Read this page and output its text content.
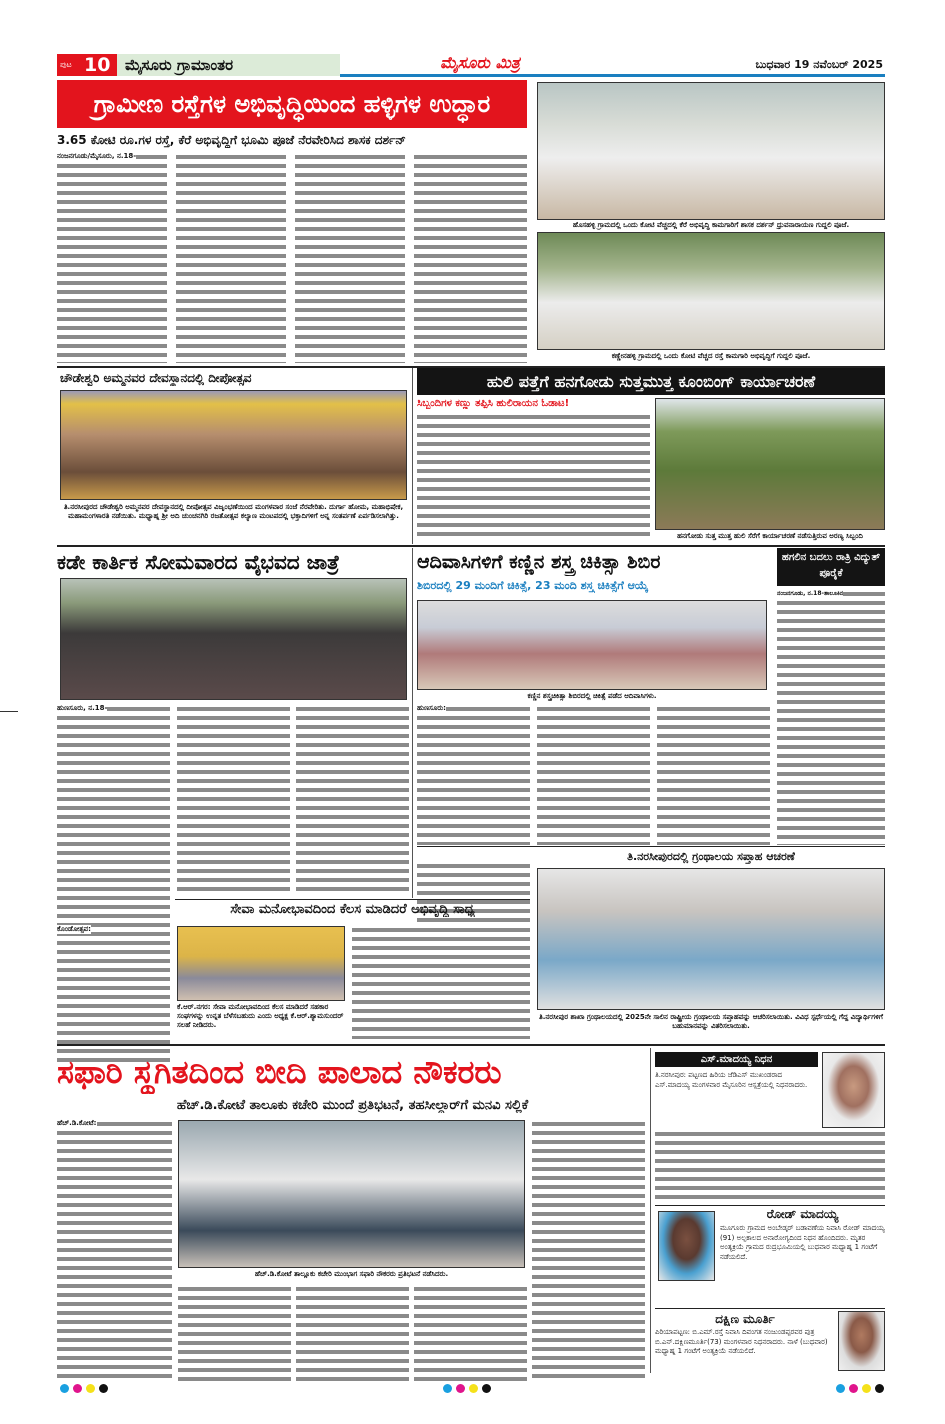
ಪುಟ 10 ಮೈಸೂರು ಗ್ರಾಮಾಂತರ	ಮೈಸೂರು ಮಿತ್ರ	ಬುಧವಾರ 19 ನವೆಂಬರ್ 2025
ಗ್ರಾಮೀಣ ರಸ್ತೆಗಳ ಅಭಿವೃದ್ಧಿಯಿಂದ ಹಳ್ಳಿಗಳ ಉದ್ಧಾರ
3.65 ಕೋಟಿ ರೂ.ಗಳ ರಸ್ತೆ, ಕೆರೆ ಅಭಿವೃದ್ಧಿಗೆ ಭೂಮಿ ಪೂಜೆ ನೆರವೇರಿಸಿದ ಶಾಸಕ ದರ್ಶನ್
ನಂಜನಗೂಡು/ಮೈಸೂರು, ನ.18-
ಹೊಸಹಳ್ಳಿ ಗ್ರಾಮದಲ್ಲಿ ಒಂದು ಕೋಟಿ ವೆಚ್ಚದಲ್ಲಿ ಕೆರೆ ಅಭಿವೃದ್ಧಿ ಕಾಮಗಾರಿಗೆ ಶಾಸಕ ದರ್ಶನ್ ಧ್ರುವನಾರಾಯಣ ಗುದ್ದಲಿ ಪೂಜೆ.
ಕಣ್ಣೇನಹಳ್ಳಿ ಗ್ರಾಮದಲ್ಲಿ ಒಂದು ಕೋಟಿ ವೆಚ್ಚದ ರಸ್ತೆ ಕಾಮಗಾರಿ ಅಭಿವೃದ್ಧಿಗೆ ಗುದ್ದಲಿ ಪೂಜೆ.
ಚೌಡೇಶ್ವರಿ ಅಮ್ಮನವರ ದೇವಸ್ಥಾನದಲ್ಲಿ ದೀಪೋತ್ಸವ
ತಿ.ನರಸೀಪುರದ ಚೌಡೇಶ್ವರಿ ಅಮ್ಮನವರ ದೇವಸ್ಥಾನದಲ್ಲಿ ದೀಪೋತ್ಸವ ವಿಜೃಂಭಣೆಯಿಂದ ಮಂಗಳವಾರ ಸಂಜೆ ನೆರವೇರಿತು. ದುರ್ಗಾ ಹೋಮ, ಮಹಾಭಿಷೇಕ, ಮಹಾಮಂಗಳಾರತಿ ನಡೆಯಿತು. ಮಧ್ಯಾಹ್ನ ಶ್ರೀ ಅದಿ ಚುಂಚನಗಿರಿ ರಜತೋತ್ಸವ ಕಲ್ಯಾಣ ಮಂಟಪದಲ್ಲಿ ಭಕ್ತಾದಿಗಳಿಗೆ ಅನ್ನ ಸಂತರ್ಪಣೆ ಏರ್ಪಡಿಸಲಾಗಿತ್ತು.
ಹುಲಿ ಪತ್ತೆಗೆ ಹನಗೋಡು ಸುತ್ತಮುತ್ತ ಕೂಂಬಿಂಗ್ ಕಾರ್ಯಾಚರಣೆ
ಸಿಬ್ಬಂದಿಗಳ ಕಣ್ಣು ತಪ್ಪಿಸಿ ಹುಲಿರಾಯನ ಓಡಾಟ!
ಹನಗೋಡು ಸುತ್ತ ಮುತ್ತ ಹುಲಿ ಸೆರೆಗೆ ಕಾರ್ಯಾಚರಣೆ ನಡೆಸುತ್ತಿರುವ ಅರಣ್ಯ ಸಿಬ್ಬಂದಿ
ಕಡೇ ಕಾರ್ತಿಕ ಸೋಮವಾರದ ವೈಭವದ ಜಾತ್ರೆ
ಹುಣಸೂರು, ನ.18-
ಕೊಂಡೋತ್ಸವ:
ಆದಿವಾಸಿಗಳಿಗೆ ಕಣ್ಣಿನ ಶಸ್ತ್ರ ಚಿಕಿತ್ಸಾ ಶಿಬಿರ
ಶಿಬಿರದಲ್ಲಿ 29 ಮಂದಿಗೆ ಚಿಕಿತ್ಸೆ, 23 ಮಂದಿ ಶಸ್ತ್ರ ಚಿಕಿತ್ಸೆಗೆ ಆಯ್ಕೆ
ಕಣ್ಣಿನ ಶಸ್ತ್ರಚಿಕಿತ್ಸಾ ಶಿಬಿರದಲ್ಲಿ ಚಿಕಿತ್ಸೆ ಪಡೆದ ಆದಿವಾಸಿಗಳು.
ಹುಣಸೂರು:
ಹಗಲಿನ ಬದಲು ರಾತ್ರಿ ವಿದ್ಯುತ್ ಪೂರೈಕೆ
ನಂಜನಗೂಡು, ನ.18-ತಾಲೂಕಿನ
ತಿ.ನರಸೀಪುರದಲ್ಲಿ ಗ್ರಂಥಾಲಯ ಸಪ್ತಾಹ ಆಚರಣೆ
ತಿ.ನರಸೀಪುರ ಶಾಖಾ ಗ್ರಂಥಾಲಯದಲ್ಲಿ 2025ನೇ ಸಾಲಿನ ರಾಷ್ಟ್ರೀಯ ಗ್ರಂಥಾಲಯ ಸಪ್ತಾಹವನ್ನು ಆಚರಿಸಲಾಯಿತು. ವಿವಿಧ ಸ್ಪರ್ಧೆಯಲ್ಲಿ ಗೆದ್ದ ವಿದ್ಯಾರ್ಥಿಗಳಿಗೆ ಬಹುಮಾನವನ್ನು ವಿತರಿಸಲಾಯಿತು.
ಸೇವಾ ಮನೋಭಾವದಿಂದ ಕೆಲಸ ಮಾಡಿದರೆ ಅಭಿವೃದ್ಧಿ ಸಾಧ್ಯ
ಕೆ.ಆರ್.ನಗರ: ಸೇವಾ ಮನೋಭಾವದಿಂದ ಕೆಲಸ ಮಾಡಿದರೆ ಸಹಕಾರ ಸಂಘಗಳನ್ನು ಉನ್ನತ ಬೆಳೆಸಬಹುದು ಎಂದು ಅಧ್ಯಕ್ಷ ಕೆ.ಆರ್.ಶ್ಯಾಮಸುಂದರ್ ಸಲಹೆ ನೀಡಿದರು.
ಸಫಾರಿ ಸ್ಥಗಿತದಿಂದ ಬೀದಿ ಪಾಲಾದ ನೌಕರರು
ಹೆಚ್.ಡಿ.ಕೋಟೆ ತಾಲೂಕು ಕಚೇರಿ ಮುಂದೆ ಪ್ರತಿಭಟನೆ, ತಹಸೀಲ್ದಾರ್‌ಗೆ ಮನವಿ ಸಲ್ಲಿಕೆ
ಹೆಚ್.ಡಿ.ಕೋಟೆ:
ಹೆಚ್.ಡಿ.ಕೋಟೆ ತಾಲ್ಲೂಕು ಕಚೇರಿ ಮುಂಭಾಗ ಸಫಾರಿ ನೌಕರರು ಪ್ರತಿಭಟನೆ ನಡೆಸಿದರು.
ಎಸ್.ಮಾದಯ್ಯ ನಿಧನ
ತಿ.ನರಸೀಪುರ: ಪಟ್ಟಣದ ಹಿರಿಯ ಜೆಡಿಎಸ್ ಮುಖಂಡರಾದ ಎಸ್.ಮಾದಯ್ಯ ಮಂಗಳವಾರ ಮೈಸೂರಿನ ಆಸ್ಪತ್ರೆಯಲ್ಲಿ ನಿಧನರಾದರು.
ರೋಡ್ ಮಾದಯ್ಯ
ಮೂಗೂರು ಗ್ರಾಮದ ಅಂಬೇಡ್ಕರ್ ಬಡಾವಣೆಯ ನಿವಾಸಿ ರೋಡ್ ಮಾದಯ್ಯ (91) ಅಲ್ಪಕಾಲದ ಅನಾರೋಗ್ಯದಿಂದ ನಿಧನ ಹೊಂದಿದರು. ಮೃತರ ಅಂತ್ಯಕ್ರಿಯೆ ಗ್ರಾಮದ ರುದ್ರಭೂಮಿಯಲ್ಲಿ ಬುಧವಾರ ಮಧ್ಯಾಹ್ನ 1 ಗಂಟೆಗೆ ನಡೆಯಲಿದೆ.
ದಕ್ಷಿಣ ಮೂರ್ತಿ
ಪಿರಿಯಾಪಟ್ಟಣ: ಬಿ.ಎಮ್.ರಸ್ತೆ ನಿವಾಸಿ ದಿವಂಗತ ನಂಜುಂಡಪ್ಪರವರ ಪುತ್ರ ಬಿ.ಎನ್.ದಕ್ಷಿಣಮೂರ್ತಿ(73) ಮಂಗಳವಾರ ನಿಧನರಾದರು. ನಾಳೆ (ಬುಧವಾರ) ಮಧ್ಯಾಹ್ನ 1 ಗಂಟೆಗೆ ಅಂತ್ಯಕ್ರಿಯೆ ನಡೆಯಲಿದೆ.
